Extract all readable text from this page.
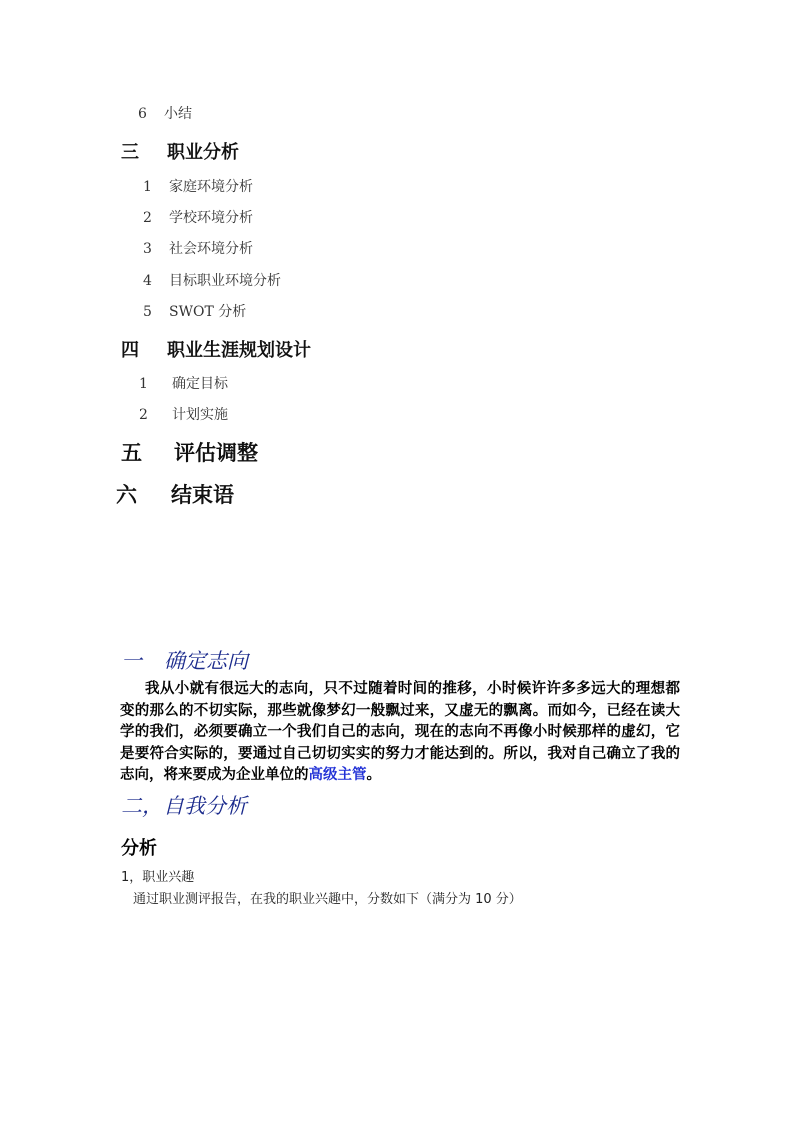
6 小结
三 职业分析
1 家庭环境分析
2 学校环境分析
3 社会环境分析
4 目标职业环境分析
5 SWOT 分析
四 职业生涯规划设计
1 确定目标
2 计划实施
五 评估调整
六 结束语
一 确定志向
我从小就有很远大的志向，只不过随着时间的推移，小时候许许多多远大的理想都变的那么的不切实际，那些就像梦幻一般飘过来，又虚无的飘离。而如今，已经在读大学的我们，必须要确立一个我们自己的志向，现在的志向不再像小时候那样的虚幻，它是要符合实际的，要通过自己切切实实的努力才能达到的。所以，我对自己确立了我的志向，将来要成为企业单位的高级主管。
二，自我分析
分析
1，职业兴趣
通过职业测评报告，在我的职业兴趣中，分数如下（满分为 10 分）
